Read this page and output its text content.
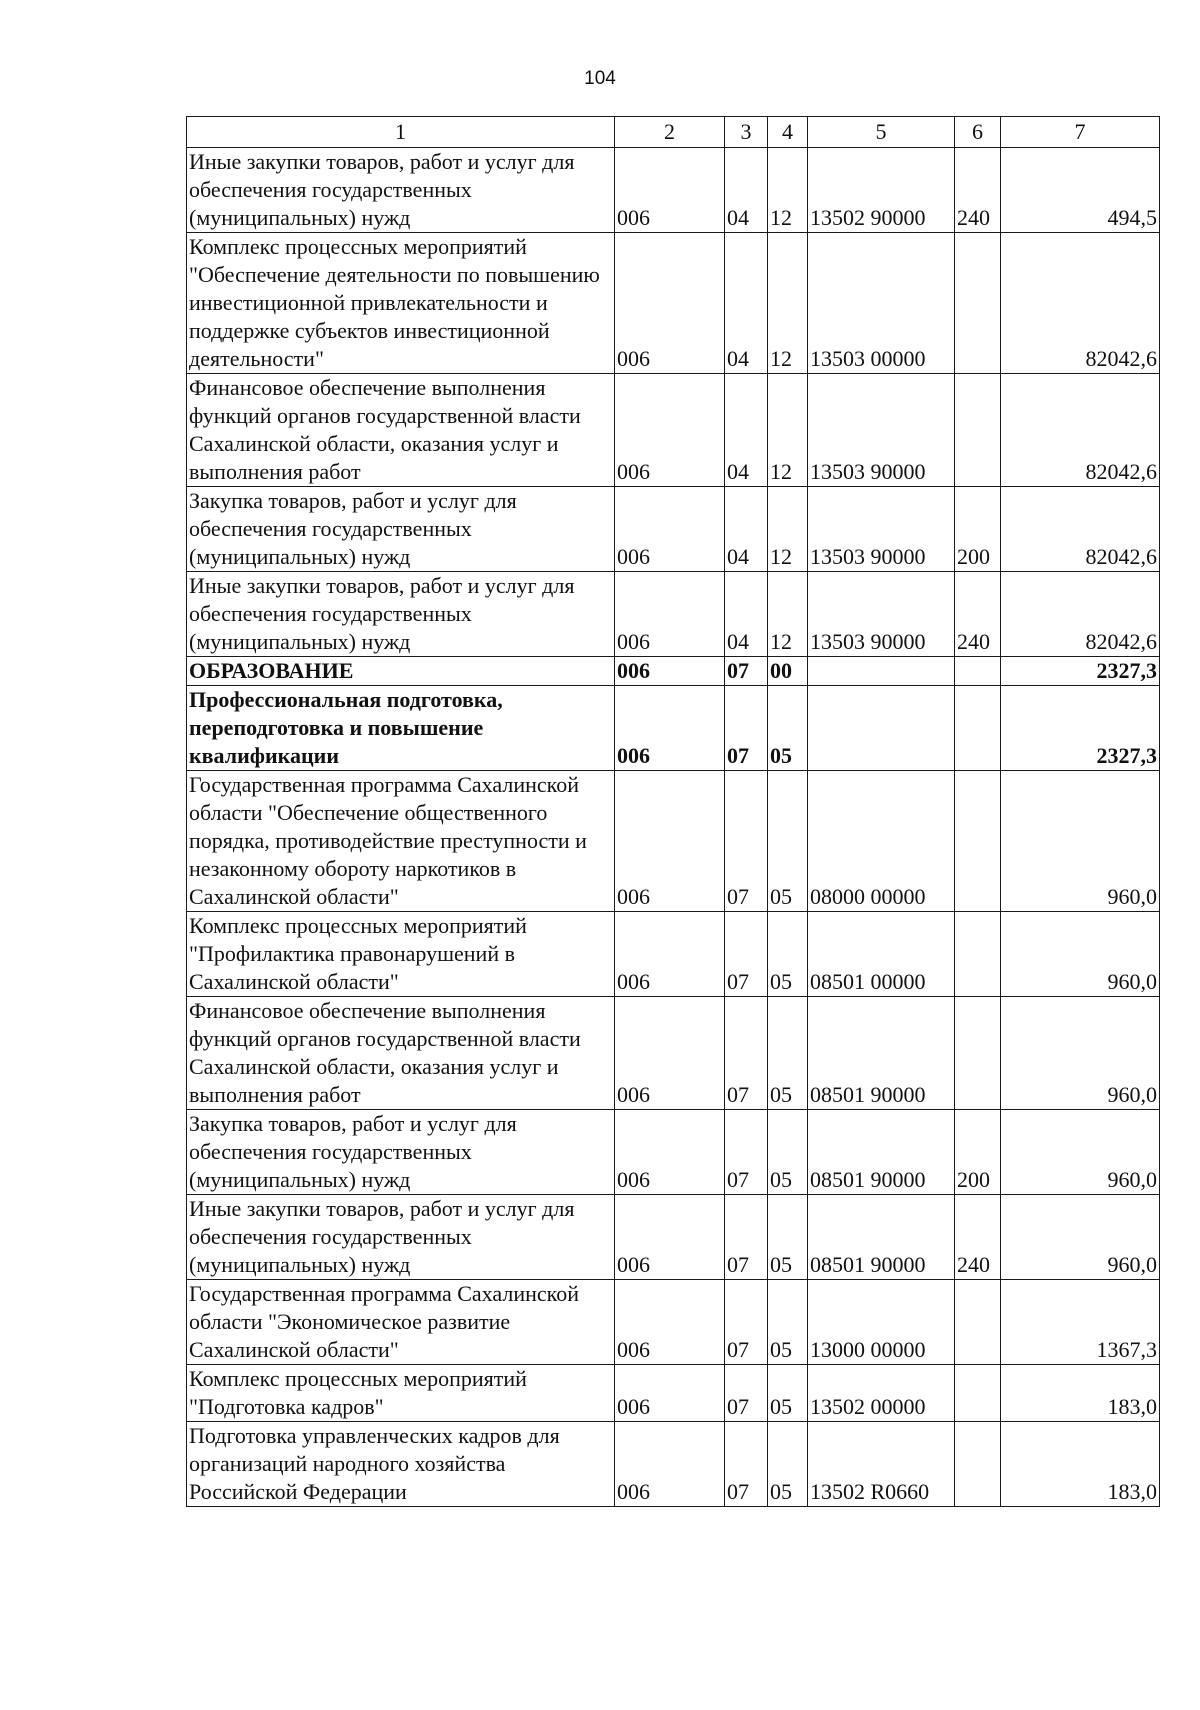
104
1	2	3	4	5	6	7
Иные закупки товаров, работ и услуг для обеспечения государственных (муниципальных) нужд	006	04	12	13502 90000	240	494,5
Комплекс процессных мероприятий "Обеспечение деятельности по повышению инвестиционной привлекательности и поддержке субъектов инвестиционной деятельности"	006	04	12	13503 00000		82042,6
Финансовое обеспечение выполнения функций органов государственной власти Сахалинской области, оказания услуг и выполнения работ	006	04	12	13503 90000		82042,6
Закупка товаров, работ и услуг для обеспечения государственных (муниципальных) нужд	006	04	12	13503 90000	200	82042,6
Иные закупки товаров, работ и услуг для обеспечения государственных (муниципальных) нужд	006	04	12	13503 90000	240	82042,6
ОБРАЗОВАНИЕ	006	07	00			2327,3
Профессиональная подготовка, переподготовка и повышение квалификации	006	07	05			2327,3
Государственная программа Сахалинской области "Обеспечение общественного порядка, противодействие преступности и незаконному обороту наркотиков в Сахалинской области"	006	07	05	08000 00000		960,0
Комплекс процессных мероприятий "Профилактика правонарушений в Сахалинской области"	006	07	05	08501 00000		960,0
Финансовое обеспечение выполнения функций органов государственной власти Сахалинской области, оказания услуг и выполнения работ	006	07	05	08501 90000		960,0
Закупка товаров, работ и услуг для обеспечения государственных (муниципальных) нужд	006	07	05	08501 90000	200	960,0
Иные закупки товаров, работ и услуг для обеспечения государственных (муниципальных) нужд	006	07	05	08501 90000	240	960,0
Государственная программа Сахалинской области "Экономическое развитие Сахалинской области"	006	07	05	13000 00000		1367,3
Комплекс процессных мероприятий "Подготовка кадров"	006	07	05	13502 00000		183,0
Подготовка управленческих кадров для организаций народного хозяйства Российской Федерации	006	07	05	13502 R0660		183,0
